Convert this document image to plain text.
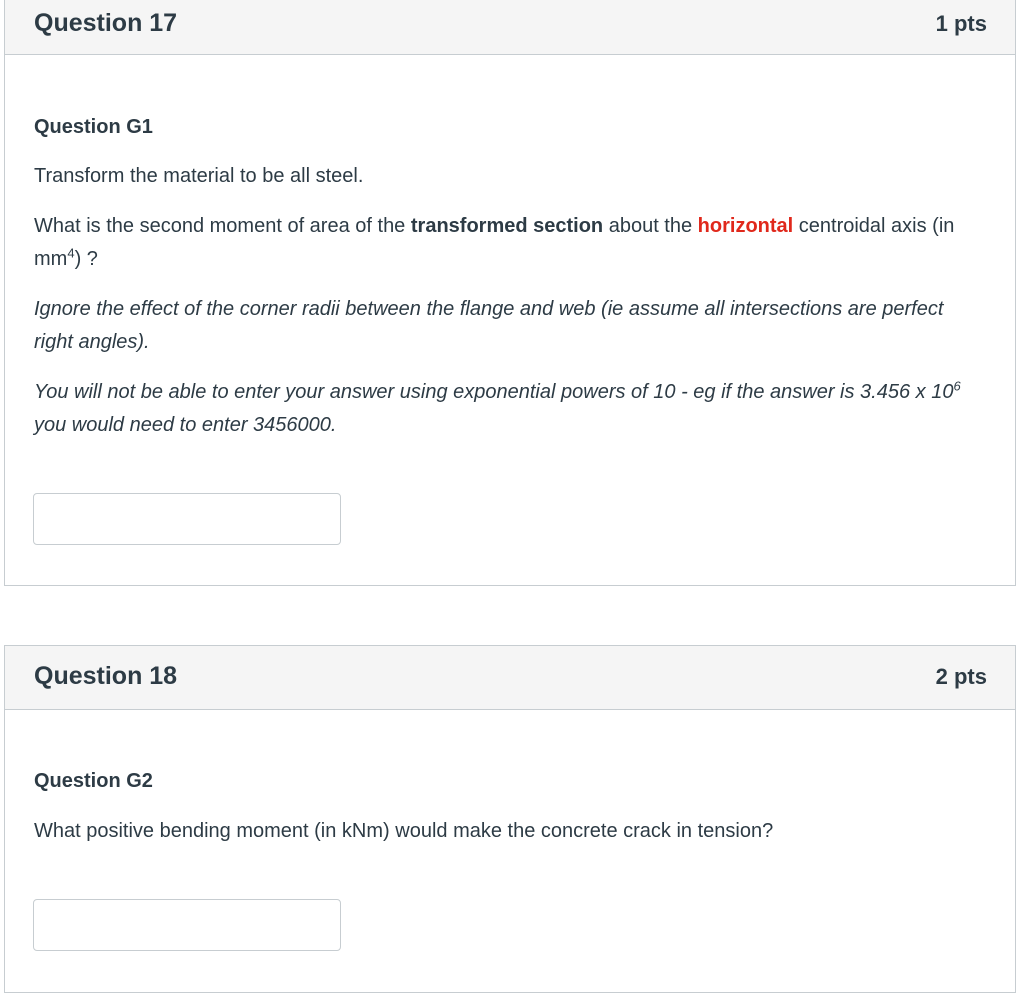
Question 17	1 pts
Question G1

Transform the material to be all steel.

What is the second moment of area of the transformed section about the horizontal centroidal axis (in $mm^4$) ?

Ignore the effect of the corner radii between the flange and web (ie assume all intersections are perfect right angles).

You will not be able to enter your answer using exponential powers of 10 - eg if the answer is 3.456 x $10^6$ you would need to enter 3456000.

Question 18	2 pts
Question G2

What positive bending moment (in kNm) would make the concrete crack in tension?
